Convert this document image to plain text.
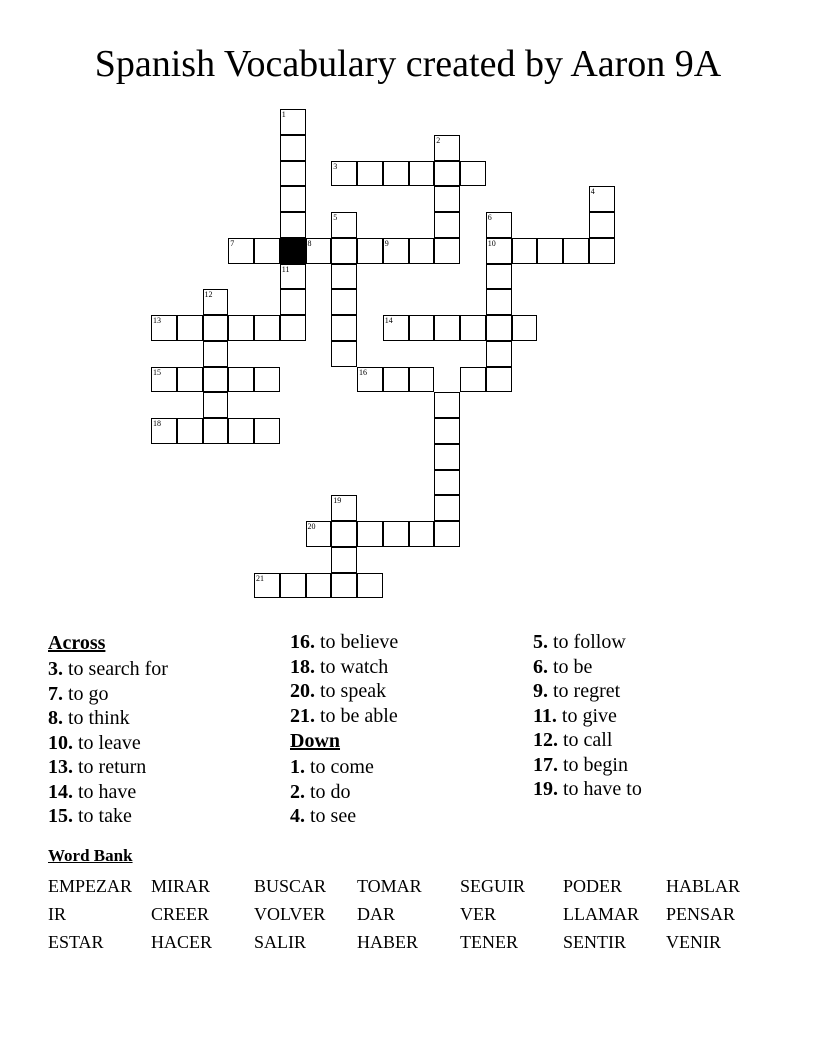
Spanish Vocabulary created by Aaron 9A
1
11
2
3
4
5	6
10
7	8	9
12
13	14
15	16
18
19
20
21
Across
3. to search for
7. to go
8. to think
10. to leave
13. to return
14. to have
15. to take
16. to believe
18. to watch
20. to speak
21. to be able
Down
1. to come
2. to do
4. to see
5. to follow
6. to be
9. to regret
11. to give
12. to call
17. to begin
19. to have to
Word Bank
EMPEZAR MIRAR BUSCAR TOMAR SEGUIR PODER HABLAR
IR	CREER VOLVER DAR	VER	LLAMAR PENSAR
ESTAR	HACER SALIR	HABER TENER	SENTIR VENIR
